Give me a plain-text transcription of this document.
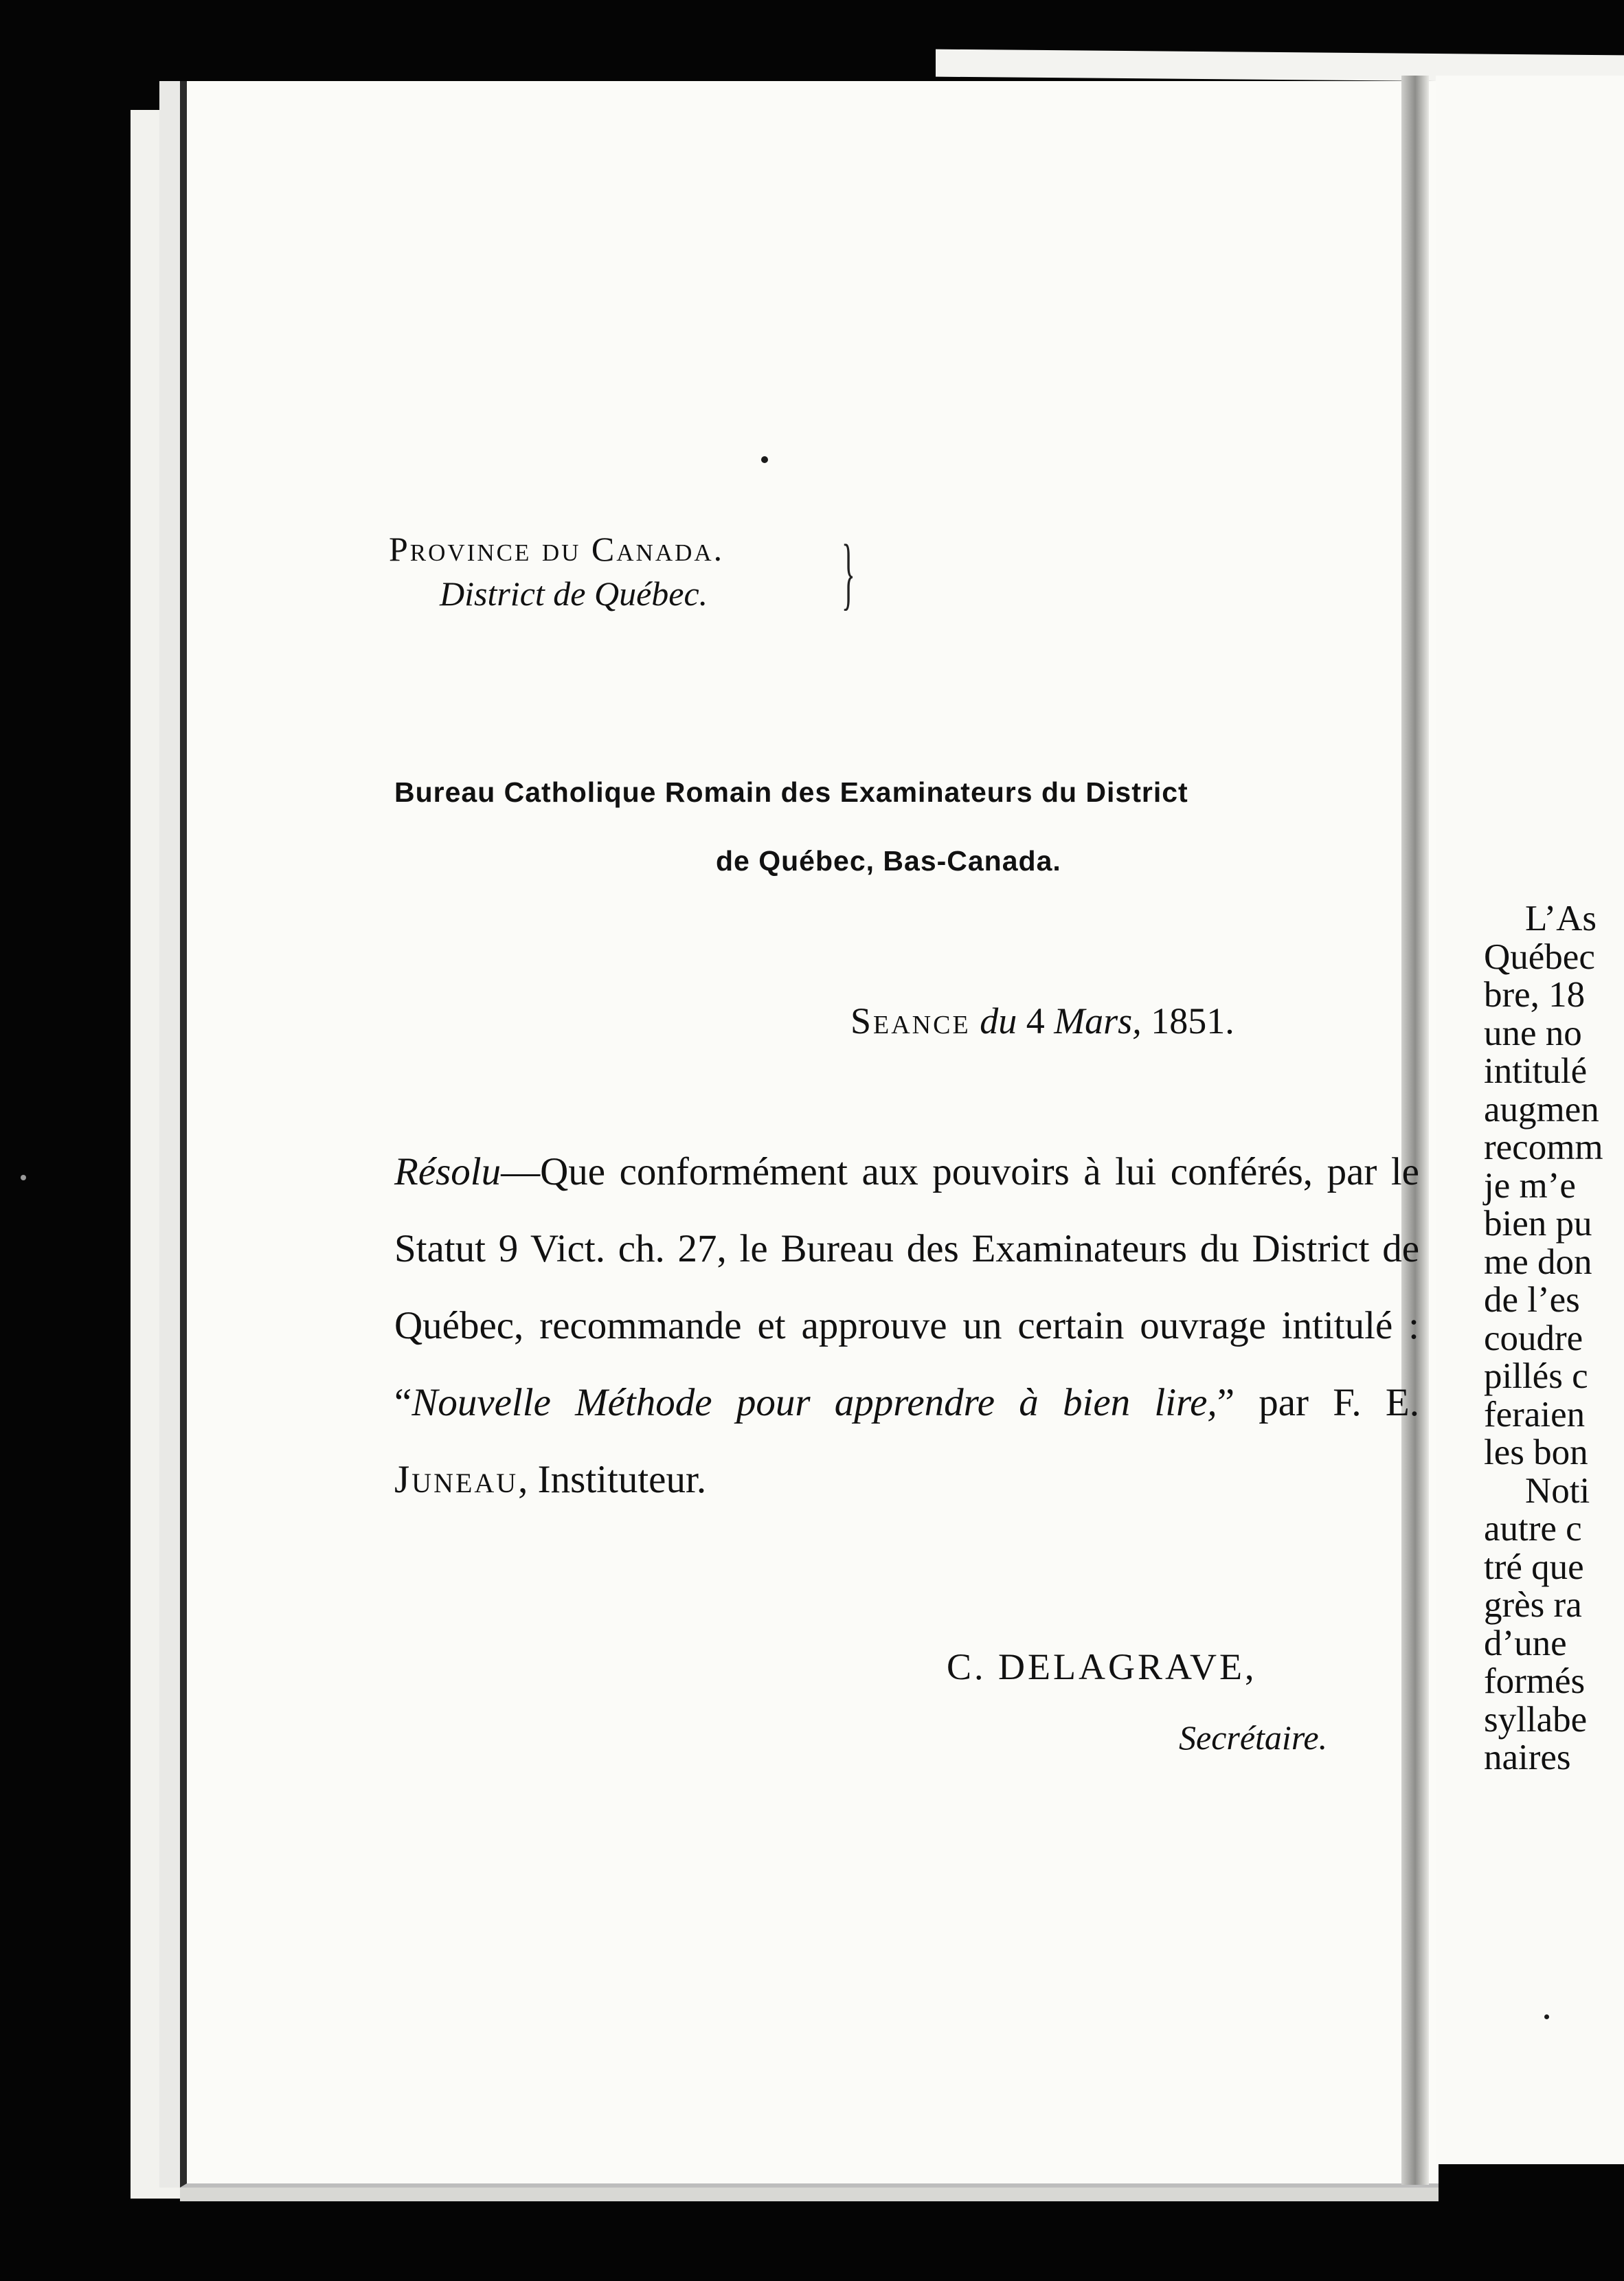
Province du Canada.
District de Québec. }
Bureau Catholique Romain des Examinateurs du District
de Québec, Bas-Canada.
Seance du 4 Mars, 1851.
Résolu—Que conformément aux pouvoirs à lui conférés, par le Statut 9 Vict. ch. 27, le Bureau des Examinateurs du District de Québec, recommande et approuve un certain ouvrage intitulé : “Nouvelle Méthode pour apprendre à bien lire,” par F. E. Juneau, Instituteur.
C. DELAGRAVE,
Secrétaire.
L’As
Québec
bre, 18
une no
intitulé
augmen
recomm
je m’e
bien pu
me don
de l’es
coudre
pillés c
feraien
les bon
Noti
autre c
tré que
grès ra
d’une
formés
syllabe
naires
